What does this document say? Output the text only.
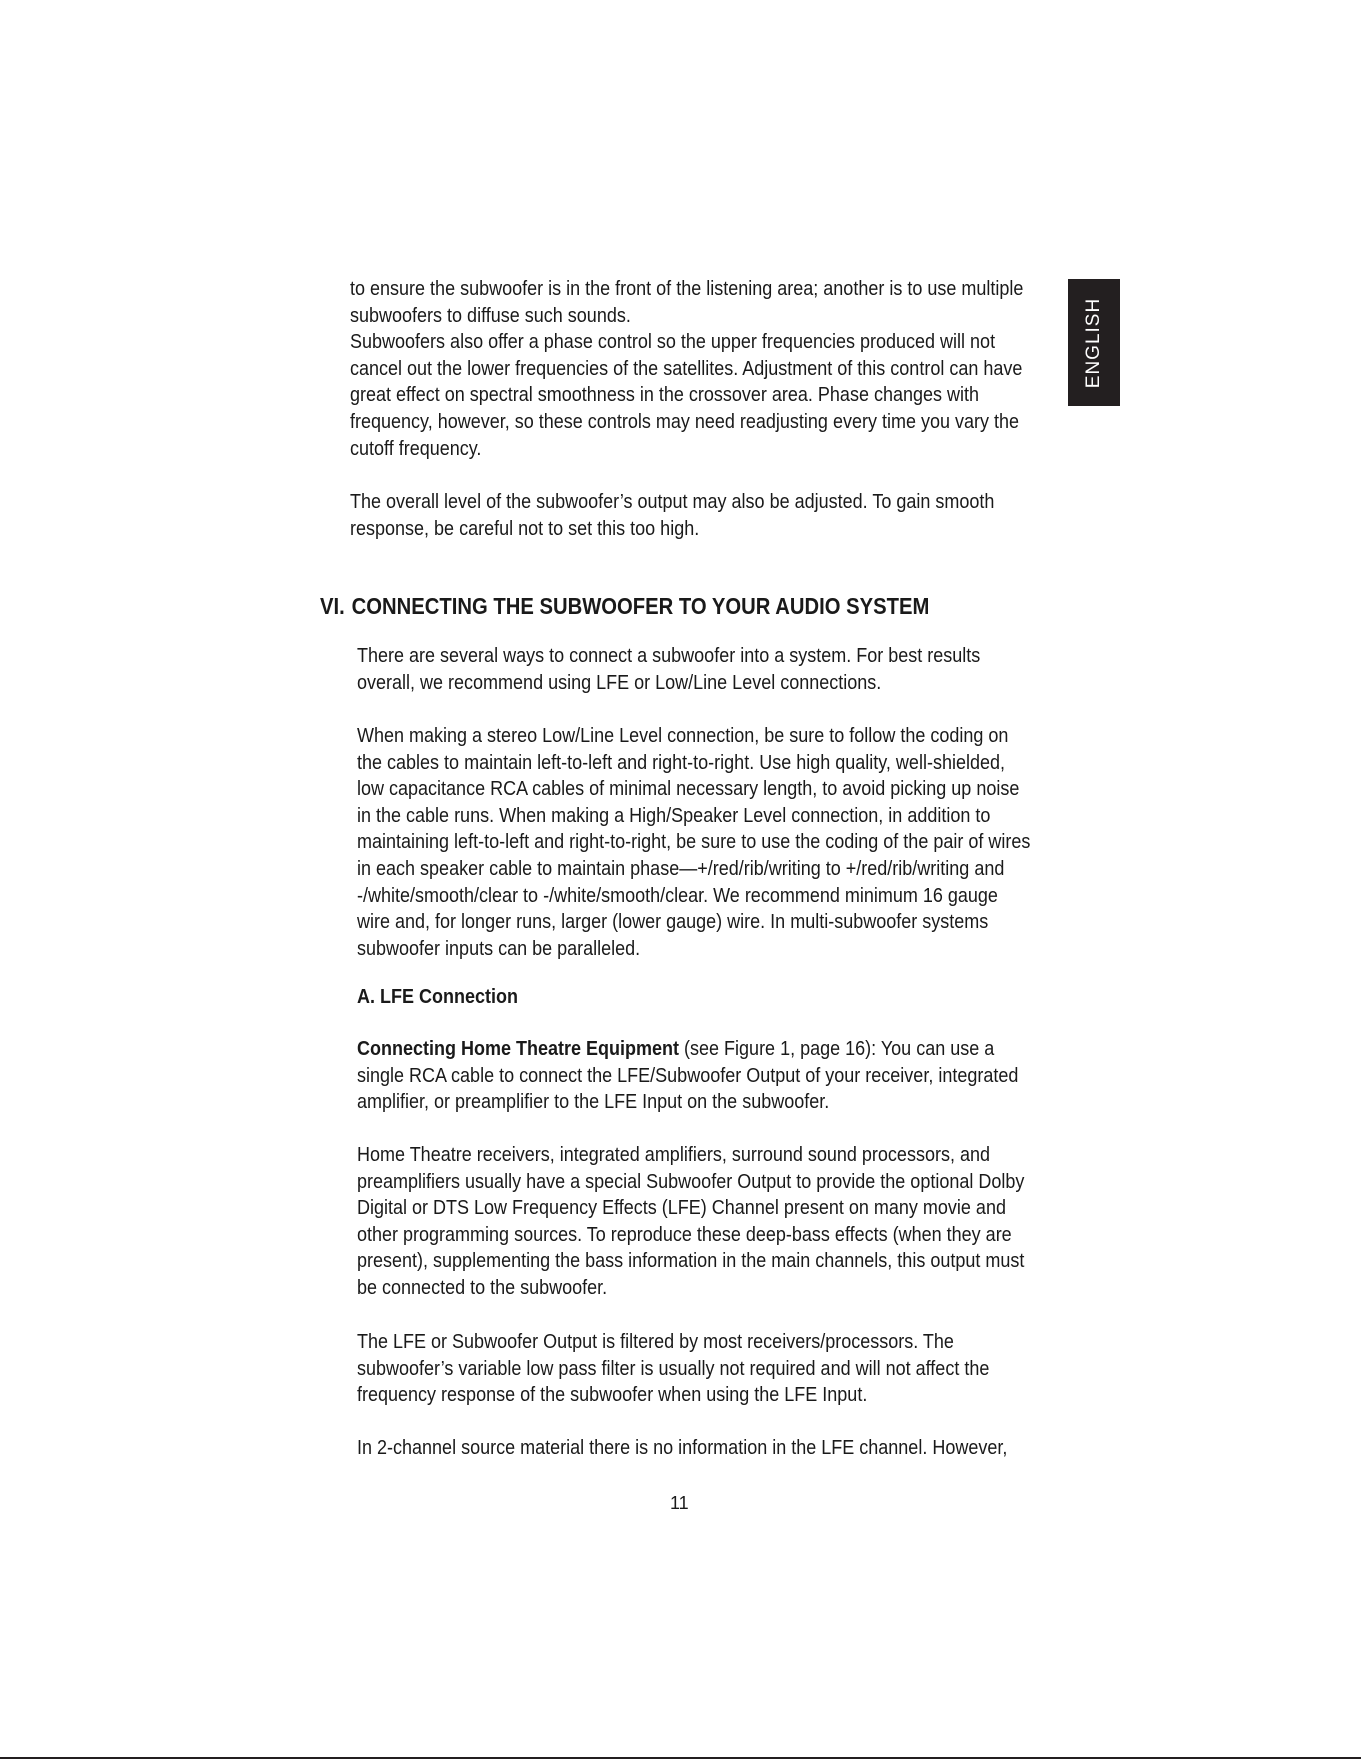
ENGLISH
to ensure the subwoofer is in the front of the listening area; another is to use multiple
subwoofers to diffuse such sounds.
Subwoofers also offer a phase control so the upper frequencies produced will not
cancel out the lower frequencies of the satellites. Adjustment of this control can have
great effect on spectral smoothness in the crossover area. Phase changes with
frequency, however, so these controls may need readjusting every time you vary the
cutoff frequency.
The overall level of the subwoofer’s output may also be adjusted. To gain smooth
response, be careful not to set this too high.
VI. CONNECTING THE SUBWOOFER TO YOUR AUDIO SYSTEM
There are several ways to connect a subwoofer into a system. For best results
overall, we recommend using LFE or Low/Line Level connections.
When making a stereo Low/Line Level connection, be sure to follow the coding on
the cables to maintain left-to-left and right-to-right. Use high quality, well-shielded,
low capacitance RCA cables of minimal necessary length, to avoid picking up noise
in the cable runs. When making a High/Speaker Level connection, in addition to
maintaining left-to-left and right-to-right, be sure to use the coding of the pair of wires
in each speaker cable to maintain phase—+/red/rib/writing to +/red/rib/writing and
-/white/smooth/clear to -/white/smooth/clear. We recommend minimum 16 gauge
wire and, for longer runs, larger (lower gauge) wire. In multi-subwoofer systems
subwoofer inputs can be paralleled.
A. LFE Connection
Connecting Home Theatre Equipment (see Figure 1, page 16): You can use a
single RCA cable to connect the LFE/Subwoofer Output of your receiver, integrated
amplifier, or preamplifier to the LFE Input on the subwoofer.
Home Theatre receivers, integrated amplifiers, surround sound processors, and
preamplifiers usually have a special Subwoofer Output to provide the optional Dolby
Digital or DTS Low Frequency Effects (LFE) Channel present on many movie and
other programming sources. To reproduce these deep-bass effects (when they are
present), supplementing the bass information in the main channels, this output must
be connected to the subwoofer.
The LFE or Subwoofer Output is filtered by most receivers/processors. The
subwoofer’s variable low pass filter is usually not required and will not affect the
frequency response of the subwoofer when using the LFE Input.
In 2-channel source material there is no information in the LFE channel. However,
11
